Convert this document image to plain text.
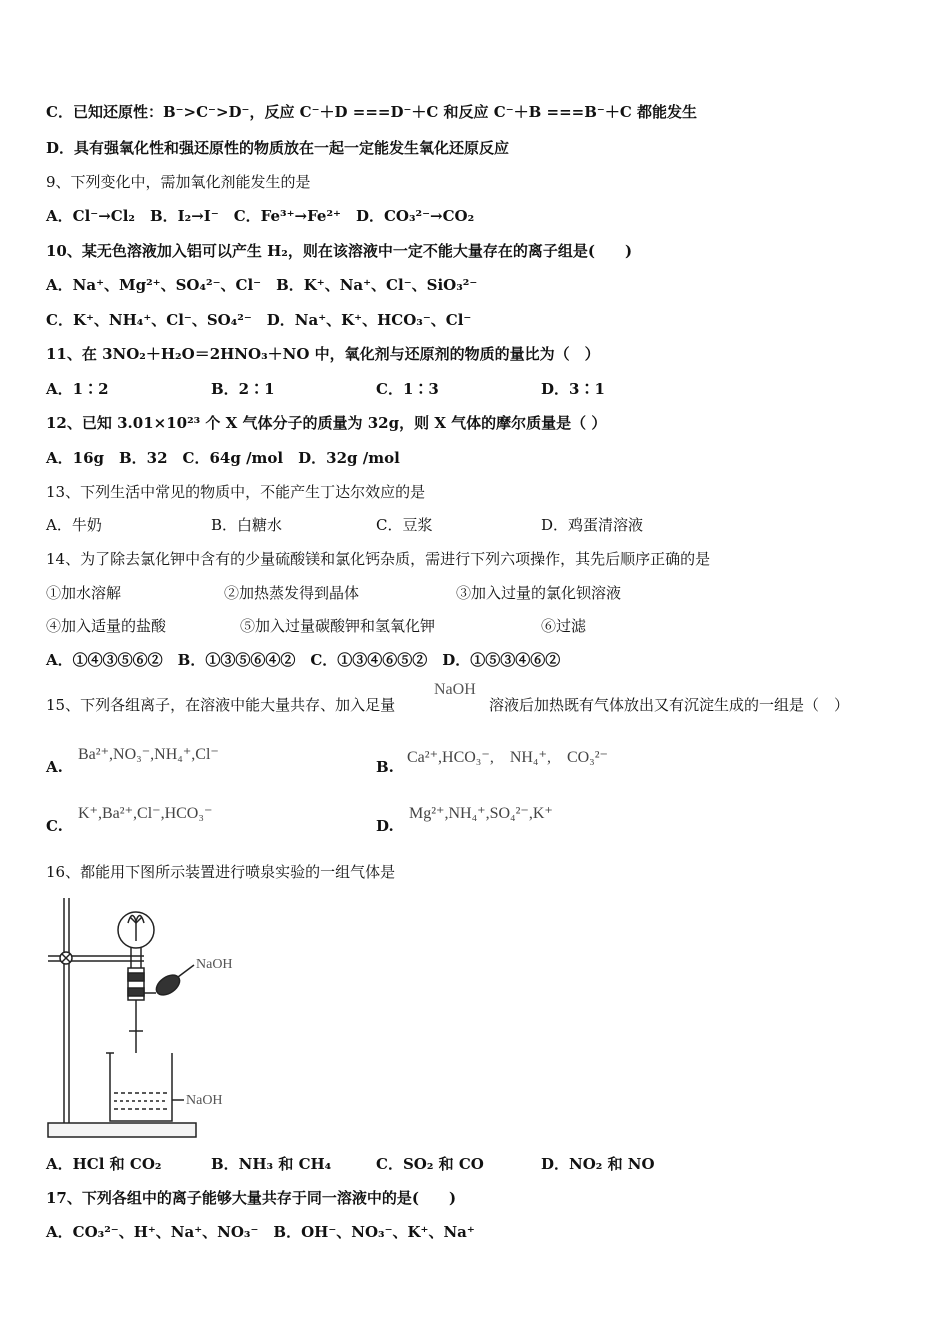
C．已知还原性：B⁻>C⁻>D⁻，反应 C⁻＋D ===D⁻＋C 和反应 C⁻＋B ===B⁻＋C 都能发生
D．具有强氧化性和强还原性的物质放在一起一定能发生氧化还原反应
9、下列变化中，需加氧化剂能发生的是
A．Cl⁻→Cl₂　B．I₂→I⁻　C．Fe³⁺→Fe²⁺　D．CO₃²⁻→CO₂
10、某无色溶液加入铝可以产生 H₂，则在该溶液中一定不能大量存在的离子组是(　　)
A．Na⁺、Mg²⁺、SO₄²⁻、Cl⁻　B．K⁺、Na⁺、Cl⁻、SiO₃²⁻
C．K⁺、NH₄⁺、Cl⁻、SO₄²⁻　D．Na⁺、K⁺、HCO₃⁻、Cl⁻
11、在 3NO₂＋H₂O＝2HNO₃＋NO 中，氧化剂与还原剂的物质的量比为（　）
A．1∶2	B．2∶1	C．1∶3	D．3∶1
12、已知 3.01×10²³ 个 X 气体分子的质量为 32g，则 X 气体的摩尔质量是（ ）
A．16g　B．32　C．64g /mol　D．32g /mol
13、下列生活中常见的物质中，不能产生丁达尔效应的是
A．牛奶	B．白糖水	C．豆浆	D．鸡蛋清溶液
14、为了除去氯化钾中含有的少量硫酸镁和氯化钙杂质，需进行下列六项操作，其先后顺序正确的是
①加水溶解	②加热蒸发得到晶体	③加入过量的氯化钡溶液
④加入适量的盐酸	⑤加入过量碳酸钾和氢氧化钾	⑥过滤
A．①④③⑤⑥②　B．①③⑤⑥④②　C．①③④⑥⑤②　D．①⑤③④⑥②
15、下列各组离子，在溶液中能大量共存、加入足量
NaOH
溶液后加热既有气体放出又有沉淀生成的一组是（　）
A.
Ba²⁺,NO₃⁻,NH₄⁺,Cl⁻
B.
Ca²⁺,HCO₃⁻,　NH₄⁺,　CO₃²⁻
C.
K⁺,Ba²⁺,Cl⁻,HCO₃⁻
D.
Mg²⁺,NH₄⁺,SO₄²⁻,K⁺
16、都能用下图所示装置进行喷泉实验的一组气体是
NaOH
NaOH
A．HCl 和 CO₂	B．NH₃ 和 CH₄	C．SO₂ 和 CO	D．NO₂ 和 NO
17、下列各组中的离子能够大量共存于同一溶液中的是(　　)
A．CO₃²⁻、H⁺、Na⁺、NO₃⁻　B．OH⁻、NO₃⁻、K⁺、Na⁺
